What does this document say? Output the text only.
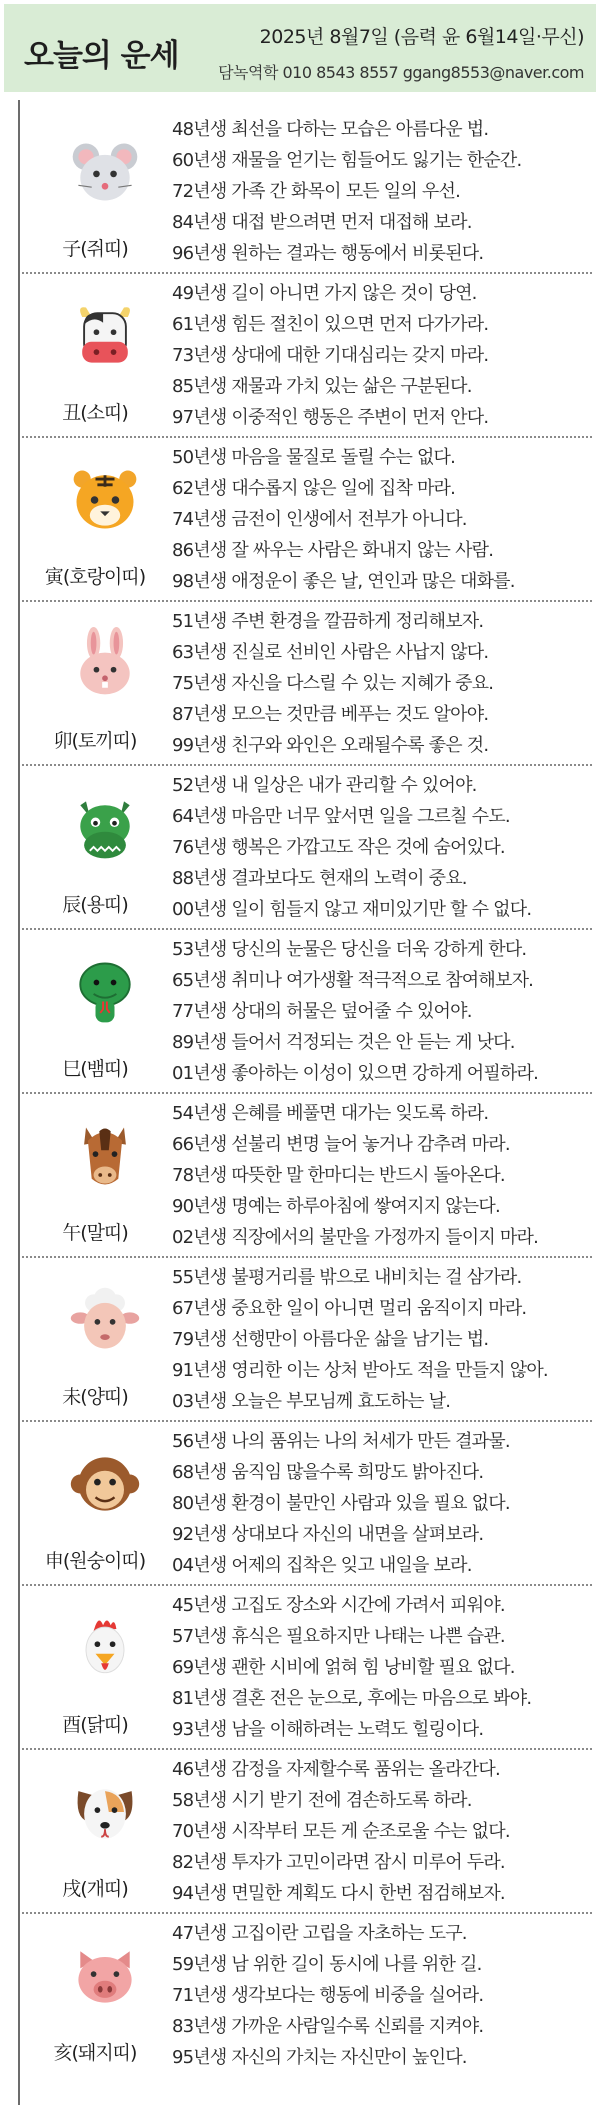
오늘의 운세
2025년 8월7일 (음력 윤 6월14일·무신)
담녹역학 010 8543 8557 ggang8553@naver.com
子(쥐띠)
48년생 최선을 다하는 모습은 아름다운 법.
60년생 재물을 얻기는 힘들어도 잃기는 한순간.
72년생 가족 간 화목이 모든 일의 우선.
84년생 대접 받으려면 먼저 대접해 보라.
96년생 원하는 결과는 행동에서 비롯된다.
丑(소띠)
49년생 길이 아니면 가지 않은 것이 당연.
61년생 힘든 절친이 있으면 먼저 다가가라.
73년생 상대에 대한 기대심리는 갖지 마라.
85년생 재물과 가치 있는 삶은 구분된다.
97년생 이중적인 행동은 주변이 먼저 안다.
寅(호랑이띠)
50년생 마음을 물질로 돌릴 수는 없다.
62년생 대수롭지 않은 일에 집착 마라.
74년생 금전이 인생에서 전부가 아니다.
86년생 잘 싸우는 사람은 화내지 않는 사람.
98년생 애정운이 좋은 날, 연인과 많은 대화를.
卯(토끼띠)
51년생 주변 환경을 깔끔하게 정리해보자.
63년생 진실로 선비인 사람은 사납지 않다.
75년생 자신을 다스릴 수 있는 지혜가 중요.
87년생 모으는 것만큼 베푸는 것도 알아야.
99년생 친구와 와인은 오래될수록 좋은 것.
辰(용띠)
52년생 내 일상은 내가 관리할 수 있어야.
64년생 마음만 너무 앞서면 일을 그르칠 수도.
76년생 행복은 가깝고도 작은 것에 숨어있다.
88년생 결과보다도 현재의 노력이 중요.
00년생 일이 힘들지 않고 재미있기만 할 수 없다.
巳(뱀띠)
53년생 당신의 눈물은 당신을 더욱 강하게 한다.
65년생 취미나 여가생활 적극적으로 참여해보자.
77년생 상대의 허물은 덮어줄 수 있어야.
89년생 들어서 걱정되는 것은 안 듣는 게 낫다.
01년생 좋아하는 이성이 있으면 강하게 어필하라.
午(말띠)
54년생 은혜를 베풀면 대가는 잊도록 하라.
66년생 섣불리 변명 늘어 놓거나 감추려 마라.
78년생 따뜻한 말 한마디는 반드시 돌아온다.
90년생 명예는 하루아침에 쌓여지지 않는다.
02년생 직장에서의 불만을 가정까지 들이지 마라.
未(양띠)
55년생 불평거리를 밖으로 내비치는 걸 삼가라.
67년생 중요한 일이 아니면 멀리 움직이지 마라.
79년생 선행만이 아름다운 삶을 남기는 법.
91년생 영리한 이는 상처 받아도 적을 만들지 않아.
03년생 오늘은 부모님께 효도하는 날.
申(원숭이띠)
56년생 나의 품위는 나의 처세가 만든 결과물.
68년생 움직임 많을수록 희망도 밝아진다.
80년생 환경이 불만인 사람과 있을 필요 없다.
92년생 상대보다 자신의 내면을 살펴보라.
04년생 어제의 집착은 잊고 내일을 보라.
酉(닭띠)
45년생 고집도 장소와 시간에 가려서 피워야.
57년생 휴식은 필요하지만 나태는 나쁜 습관.
69년생 괜한 시비에 얽혀 힘 낭비할 필요 없다.
81년생 결혼 전은 눈으로, 후에는 마음으로 봐야.
93년생 남을 이해하려는 노력도 힐링이다.
戌(개띠)
46년생 감정을 자제할수록 품위는 올라간다.
58년생 시기 받기 전에 겸손하도록 하라.
70년생 시작부터 모든 게 순조로울 수는 없다.
82년생 투자가 고민이라면 잠시 미루어 두라.
94년생 면밀한 계획도 다시 한번 점검해보자.
亥(돼지띠)
47년생 고집이란 고립을 자초하는 도구.
59년생 남 위한 길이 동시에 나를 위한 길.
71년생 생각보다는 행동에 비중을 실어라.
83년생 가까운 사람일수록 신뢰를 지켜야.
95년생 자신의 가치는 자신만이 높인다.
